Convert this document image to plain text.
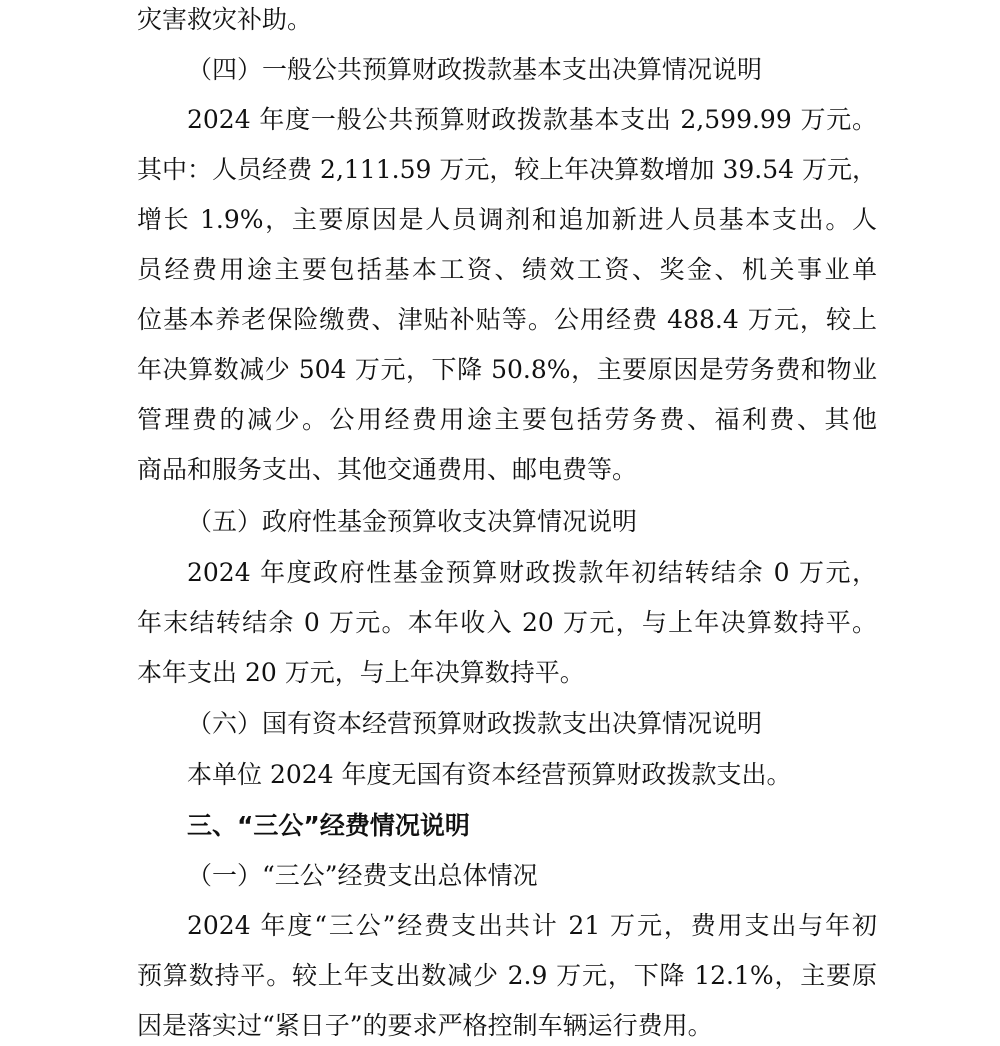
灾害救灾补助。
（四）一般公共预算财政拨款基本支出决算情况说明
2024 年度一般公共预算财政拨款基本支出 2,599.99 万元。
其中：人员经费 2,111.59 万元，较上年决算数增加 39.54 万元，
增长 1.9%，主要原因是人员调剂和追加新进人员基本支出。人
员经费用途主要包括基本工资、绩效工资、奖金、机关事业单
位基本养老保险缴费、津贴补贴等。公用经费 488.4 万元，较上
年决算数减少 504 万元，下降 50.8%，主要原因是劳务费和物业
管理费的减少。公用经费用途主要包括劳务费、福利费、其他
商品和服务支出、其他交通费用、邮电费等。
（五）政府性基金预算收支决算情况说明
2024 年度政府性基金预算财政拨款年初结转结余 0 万元，
年末结转结余 0 万元。本年收入 20 万元，与上年决算数持平。
本年支出 20 万元，与上年决算数持平。
（六）国有资本经营预算财政拨款支出决算情况说明
本单位 2024 年度无国有资本经营预算财政拨款支出。
三、“三公”经费情况说明
（一）“三公”经费支出总体情况
2024 年度“三公”经费支出共计 21 万元，费用支出与年初
预算数持平。较上年支出数减少 2.9 万元，下降 12.1%，主要原
因是落实过“紧日子”的要求严格控制车辆运行费用。
